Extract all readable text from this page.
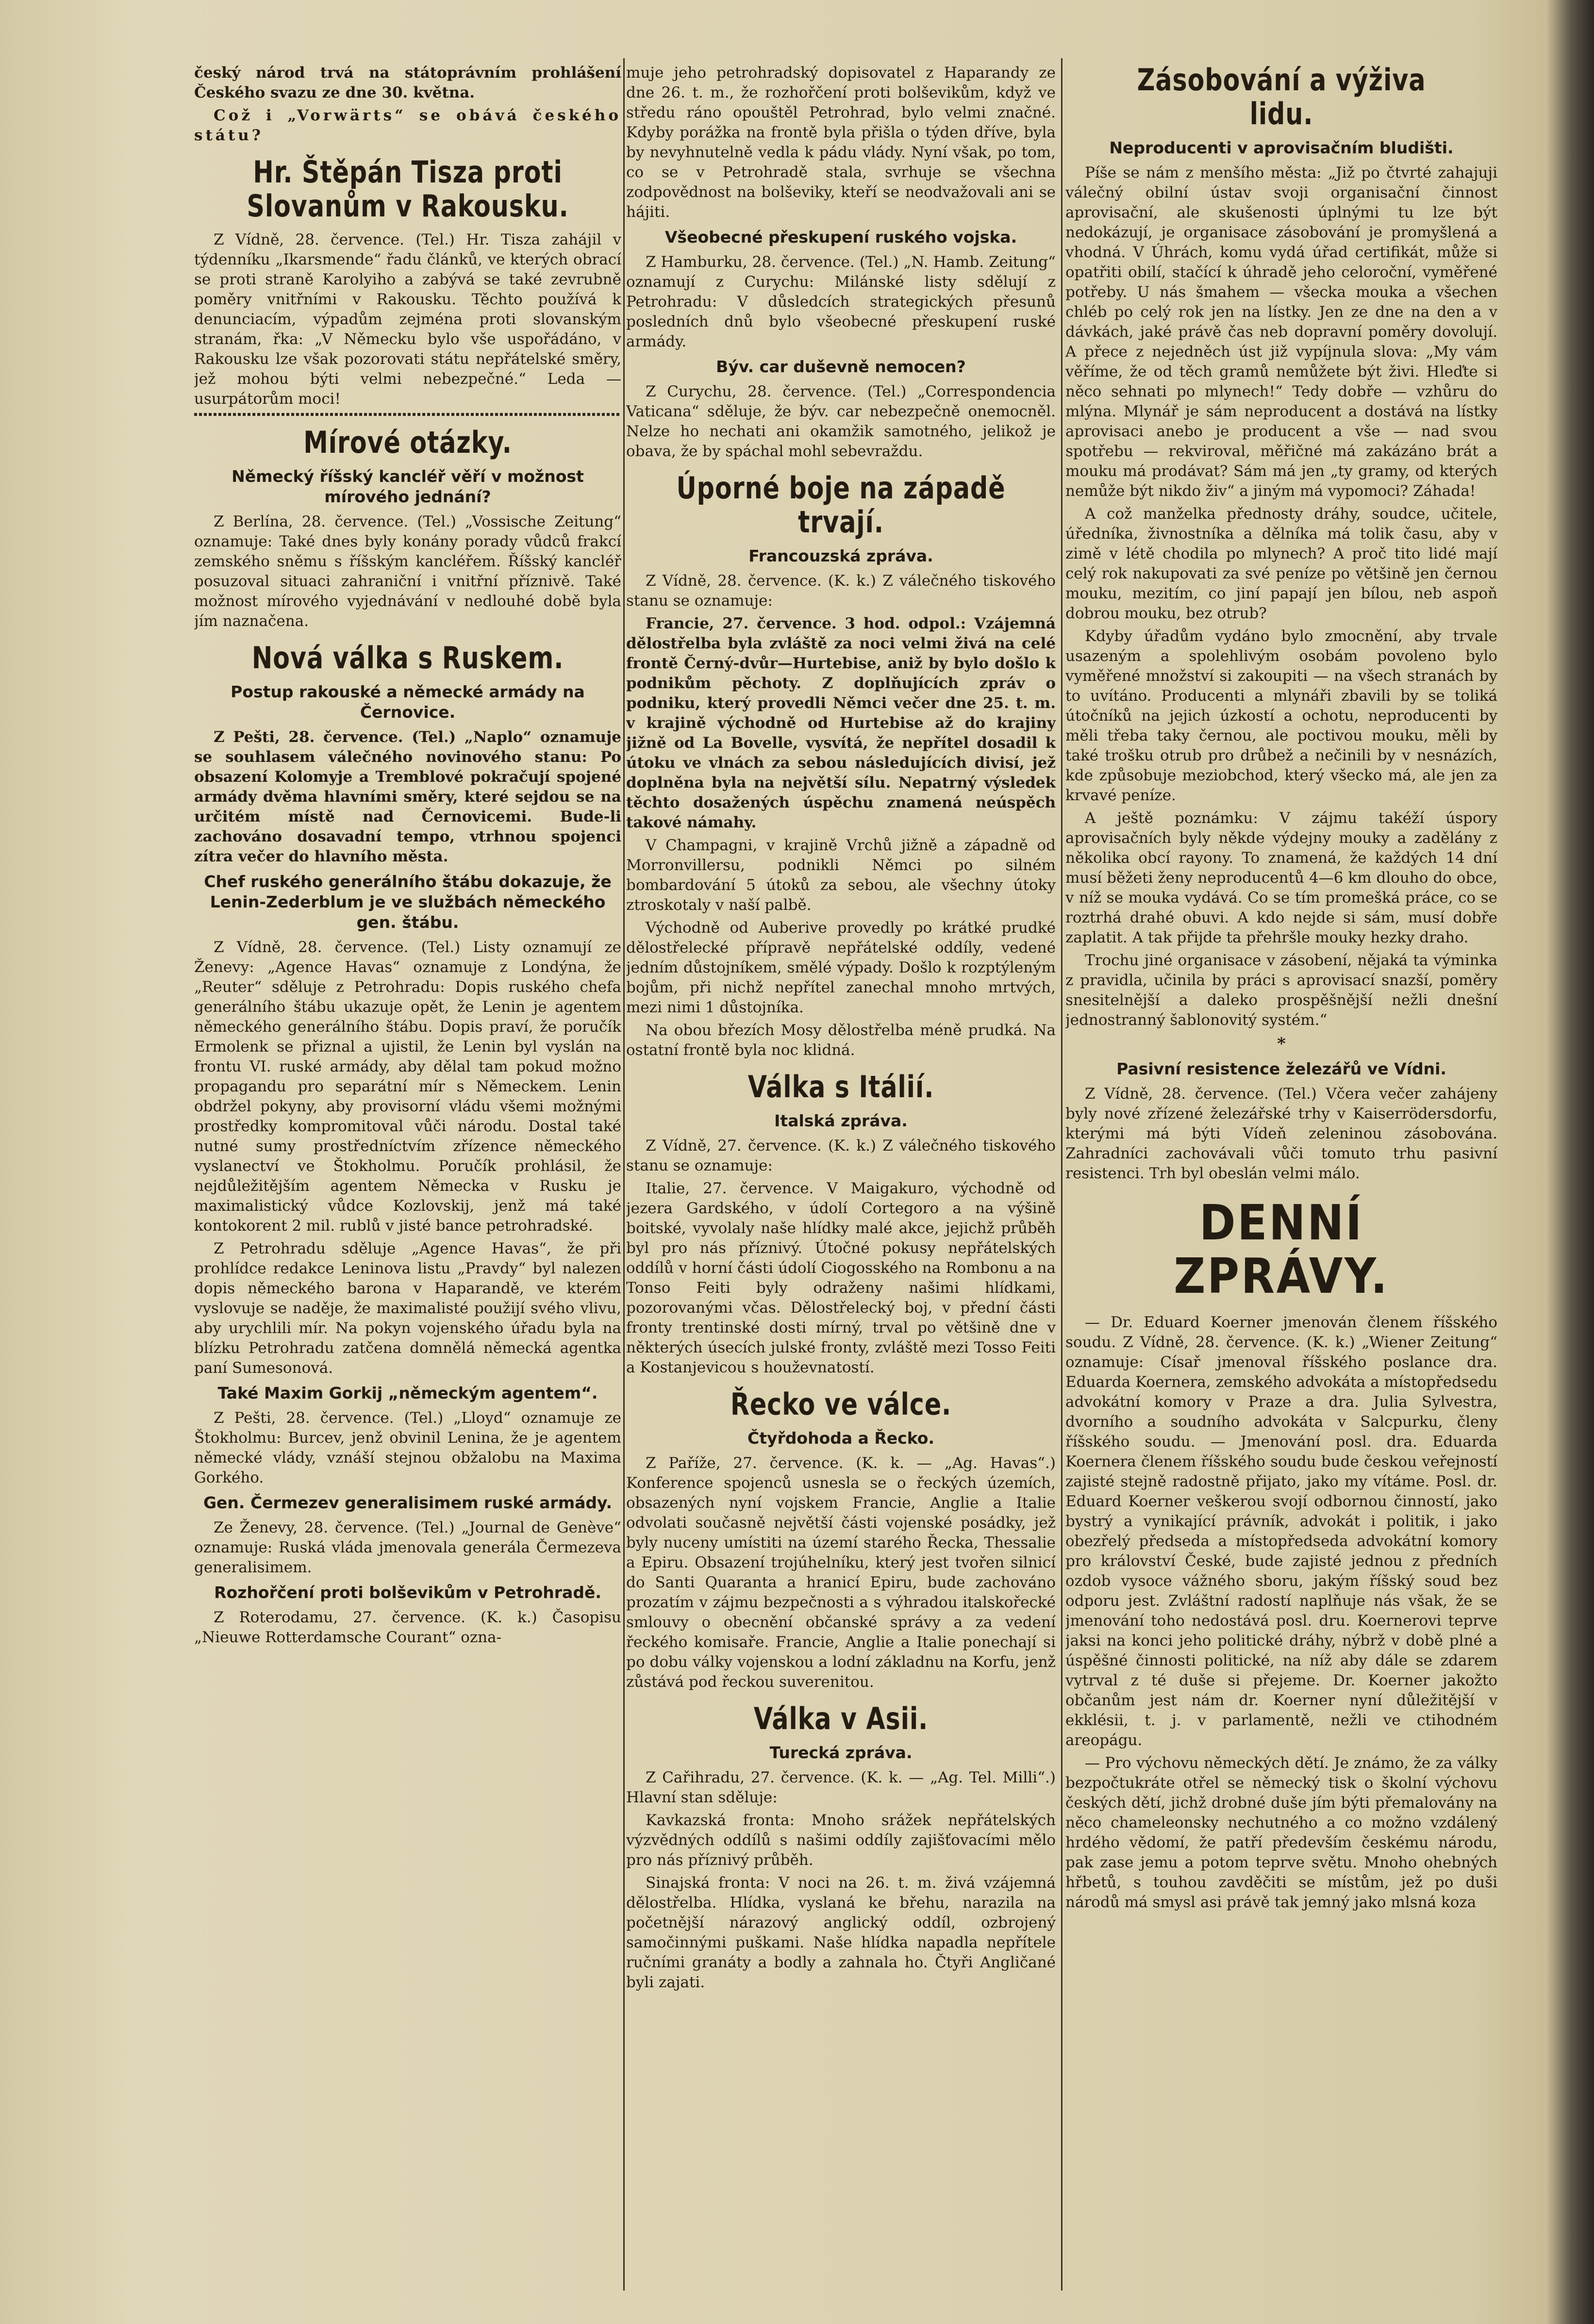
český národ trvá na státoprávním prohlášení Českého svazu ze dne 30. května.

Což i „Vorwärts“ se obává českého státu?

Hr. Štěpán Tisza proti Slovanům v Rakousku.

Z Vídně, 28. července. (Tel.) Hr. Tisza zahájil v týdenníku „Ikarsmende“ řadu článků, ve kterých obrací se proti straně Karolyiho a zabývá se také zevrubně poměry vnitřními v Rakousku. Těchto používá k denunciacím, výpadům zejména proti slovanským stranám, řka: „V Německu bylo vše uspořádáno, v Rakousku lze však pozorovati státu nepřátelské směry, jež mohou býti velmi nebezpečné.“ Leda — usurpátorům moci!

Mírové otázky.
Německý říšský kancléř věří v možnost mírového jednání?

Z Berlína, 28. července. (Tel.) „Vossische Zeitung“ oznamuje: Také dnes byly konány porady vůdců frakcí zemského sněmu s říšským kancléřem. Říšský kancléř posuzoval situaci zahraniční i vnitřní příznivě. Také možnost mírového vyjednávání v nedlouhé době byla jím naznačena.

Nová válka s Ruskem.
Postup rakouské a německé armády na Černovice.

Z Pešti, 28. července. (Tel.) „Naplo“ oznamuje se souhlasem válečného novinového stanu: Po obsazení Kolomyje a Tremblové pokračují spojené armády dvěma hlavními směry, které sejdou se na určitém místě nad Černovicemi. Bude-li zachováno dosavadní tempo, vtrhnou spojenci zítra večer do hlavního města.

Chef ruského generálního štábu dokazuje, že Lenin-Zederblum je ve službách německého gen. štábu.

Z Vídně, 28. července. (Tel.) Listy oznamují ze Ženevy: „Agence Havas“ oznamuje z Londýna, že „Reuter“ sděluje z Petrohradu: Dopis ruského chefa generálního štábu ukazuje opět, že Lenin je agentem německého generálního štábu. Dopis praví, že poručík Ermolenk se přiznal a ujistil, že Lenin byl vyslán na frontu VI. ruské armády, aby dělal tam pokud možno propagandu pro separátní mír s Německem. Lenin obdržel pokyny, aby provisorní vládu všemi možnými prostředky kompromitoval vůči národu. Dostal také nutné sumy prostředníctvím zřízence německého vyslanectví ve Štokholmu. Poručík prohlásil, že nejdůležitějším agentem Německa v Rusku je maximalistický vůdce Kozlovskij, jenž má také kontokorent 2 mil. rublů v jisté bance petrohradské.

Z Petrohradu sděluje „Agence Havas“, že při prohlídce redakce Leninova listu „Pravdy“ byl nalezen dopis německého barona v Haparandě, ve kterém vyslovuje se naděje, že maximalisté použijí svého vlivu, aby urychlili mír. Na pokyn vojenského úřadu byla na blízku Petrohradu zatčena domnělá německá agentka paní Sumesonová.

Také Maxim Gorkij „německým agentem“.

Z Pešti, 28. července. (Tel.) „Lloyd“ oznamuje ze Štokholmu: Burcev, jenž obvinil Lenina, že je agentem německé vlády, vznáší stejnou obžalobu na Maxima Gorkého.

Gen. Čermezev generalisimem ruské armády.

Ze Ženevy, 28. července. (Tel.) „Journal de Genève“ oznamuje: Ruská vláda jmenovala generála Čermezeva generalisimem.

Rozhořčení proti bolševikům v Petrohradě.

Z Roterodamu, 27. července. (K. k.) Časopisu „Nieuwe Rotterdamsche Courant“ ozna-

muje jeho petrohradský dopisovatel z Haparandy ze dne 26. t. m., že rozhořčení proti bolševikům, když ve středu ráno opouštěl Petrohrad, bylo velmi značné. Kdyby porážka na frontě byla přišla o týden dříve, byla by nevyhnutelně vedla k pádu vlády. Nyní však, po tom, co se v Petrohradě stala, svrhuje se všechna zodpovědnost na bolševiky, kteří se neodvažovali ani se hájiti.

Všeobecné přeskupení ruského vojska.

Z Hamburku, 28. července. (Tel.) „N. Hamb. Zeitung“ oznamují z Curychu: Milánské listy sdělují z Petrohradu: V důsledcích strategických přesunů posledních dnů bylo všeobecné přeskupení ruské armády.

Býv. car duševně nemocen?

Z Curychu, 28. července. (Tel.) „Correspondencia Vaticana“ sděluje, že býv. car nebezpečně onemocněl. Nelze ho nechati ani okamžik samotného, jelikož je obava, že by spáchal mohl sebevraždu.

Úporné boje na západě trvají.
Francouzská zpráva.

Z Vídně, 28. července. (K. k.) Z válečného tiskového stanu se oznamuje:

Francie, 27. července. 3 hod. odpol.: Vzájemná dělostřelba byla zvláště za noci velmi živá na celé frontě Černý-dvůr—Hurtebise, aniž by bylo došlo k podnikům pěchoty. Z doplňujících zpráv o podniku, který provedli Němci večer dne 25. t. m. v krajině východně od Hurtebise až do krajiny jižně od La Bovelle, vysvítá, že nepřítel dosadil k útoku ve vlnách za sebou následujících divisí, jež doplněna byla na největší sílu. Nepatrný výsledek těchto dosažených úspěchu znamená neúspěch takové námahy.

V Champagni, v krajině Vrchů jižně a západně od Morronvillersu, podnikli Němci po silném bombardování 5 útoků za sebou, ale všechny útoky ztroskotaly v naší palbě.

Východně od Auberive provedly po krátké prudké dělostřelecké přípravě nepřátelské oddíly, vedené jedním důstojníkem, smělé výpady. Došlo k rozptýleným bojům, při nichž nepřítel zanechal mnoho mrtvých, mezi nimi 1 důstojníka.

Na obou březích Mosy dělostřelba méně prudká. Na ostatní frontě byla noc klidná.

Válka s Itálií.
Italská zpráva.

Z Vídně, 27. července. (K. k.) Z válečného tiskového stanu se oznamuje:

Italie, 27. července. V Maigakuro, východně od jezera Gardského, v údolí Cortegoro a na výšině boitské, vyvolaly naše hlídky malé akce, jejichž průběh byl pro nás příznivý. Útočné pokusy nepřátelských oddílů v horní části údolí Ciogosského na Rombonu a na Tonso Feiti byly odraženy našimi hlídkami, pozorovanými včas. Dělostřelecký boj, v přední části fronty trentinské dosti mírný, trval po většině dne v některých úsecích julské fronty, zvláště mezi Tosso Feiti a Kostanjevicou s houževnatostí.

Řecko ve válce.
Čtyřdohoda a Řecko.

Z Paříže, 27. července. (K. k. — „Ag. Havas“.) Konference spojenců usnesla se o řeckých územích, obsazených nyní vojskem Francie, Anglie a Italie odvolati současně největší části vojenské posádky, jež byly nuceny umístiti na území starého Řecka, Thessalie a Epiru. Obsazení trojúhelníku, který jest tvořen silnicí do Santi Quaranta a hranicí Epiru, bude zachováno prozatím v zájmu bezpečnosti a s výhradou italskořecké smlouvy o obecnění občanské správy a za vedení řeckého komisaře. Francie, Anglie a Italie ponechají si po dobu války vojenskou a lodní základnu na Korfu, jenž zůstává pod řeckou suverenitou.

Válka v Asii.
Turecká zpráva.

Z Cařihradu, 27. července. (K. k. — „Ag. Tel. Milli“.) Hlavní stan sděluje:

Kavkazská fronta: Mnoho srážek nepřátelských výzvědných oddílů s našimi oddíly zajišťovacími mělo pro nás příznivý průběh.

Sinajská fronta: V noci na 26. t. m. živá vzájemná dělostřelba. Hlídka, vyslaná ke břehu, narazila na početnější nárazový anglický oddíl, ozbrojený samočinnými puškami. Naše hlídka napadla nepřítele ručními granáty a bodly a zahnala ho. Čtyři Angličané byli zajati.

Zásobování a výživa lidu.
Neproducenti v aprovisačním bludišti.

Píše se nám z menšího města: „Již po čtvrté zahajuji válečný obilní ústav svoji organisační činnost aprovisační, ale skušenosti úplnými tu lze být nedokázují, je organisace zásobování je promyšlená a vhodná. V Úhrách, komu vydá úřad certifikát, může si opatřiti obilí, stačící k úhradě jeho celoroční, vyměřené potřeby. U nás šmahem — všecka mouka a všechen chléb po celý rok jen na lístky. Jen ze dne na den a v dávkách, jaké právě čas neb dopravní poměry dovolují. A přece z nejedněch úst již vypíjnula slova: „My vám věříme, že od těch gramů nemůžete být živi. Hleďte si něco sehnati po mlynech!“ Tedy dobře — vzhůru do mlýna. Mlynář je sám neproducent a dostává na lístky aprovisaci anebo je producent a vše — nad svou spotřebu — rekviroval, měřičné má zakázáno brát a mouku má prodávat? Sám má jen „ty gramy, od kterých nemůže být nikdo živ“ a jiným má vypomoci? Záhada!

A což manželka přednosty dráhy, soudce, učitele, úředníka, živnostníka a dělníka má tolik času, aby v zimě v létě chodila po mlynech? A proč tito lidé mají celý rok nakupovati za své peníze po většině jen černou mouku, mezitím, co jiní papají jen bílou, neb aspoň dobrou mouku, bez otrub?

Kdyby úřadům vydáno bylo zmocnění, aby trvale usazeným a spolehlivým osobám povoleno bylo vyměřené množství si zakoupiti — na všech stranách by to uvítáno. Producenti a mlynáři zbavili by se toliká útočníků na jejich úzkostí a ochotu, neproducenti by měli třeba taky černou, ale poctivou mouku, měli by také trošku otrub pro drůbež a nečinili by v nesnázích, kde způsobuje meziobchod, který všecko má, ale jen za krvavé peníze.

A ještě poznámku: V zájmu takéží úspory aprovisačních byly někde výdejny mouky a zadělány z několika obcí rayony. To znamená, že každých 14 dní musí běžeti ženy neproducentů 4—6 km dlouho do obce, v níž se mouka vydává. Co se tím promešká práce, co se roztrhá drahé obuvi. A kdo nejde si sám, musí dobře zaplatit. A tak přijde ta přehršle mouky hezky draho.

Trochu jiné organisace v zásobení, nějaká ta výminka z pravidla, učinila by práci s aprovisací snazší, poměry snesitelnější a daleko prospěšnější nežli dnešní jednostranný šablonovitý systém.“

*
Pasivní resistence železářů ve Vídni.

Z Vídně, 28. července. (Tel.) Včera večer zahájeny byly nové zřízené železářské trhy v Kaiserrödersdorfu, kterými má býti Vídeň zeleninou zásobována. Zahradníci zachovávali vůči tomuto trhu pasivní resistenci. Trh byl obeslán velmi málo.

DENNÍ ZPRÁVY.

— Dr. Eduard Koerner jmenován členem říšského soudu. Z Vídně, 28. července. (K. k.) „Wiener Zeitung“ oznamuje: Císař jmenoval říšského poslance dra. Eduarda Koernera, zemského advokáta a místopředsedu advokátní komory v Praze a dra. Julia Sylvestra, dvorního a soudního advokáta v Salcpurku, členy říšského soudu. — Jmenování posl. dra. Eduarda Koernera členem říšského soudu bude českou veřejností zajisté stejně radostně přijato, jako my vítáme. Posl. dr. Eduard Koerner veškerou svojí odbornou činností, jako bystrý a vynikající právník, advokát i politik, i jako obezřelý předseda a místopředseda advokátní komory pro království České, bude zajisté jednou z předních ozdob vysoce vážného sboru, jakým říšský soud bez odporu jest. Zvláštní radostí naplňuje nás však, že se jmenování toho nedostává posl. dru. Koernerovi teprve jaksi na konci jeho politické dráhy, nýbrž v době plné a úspěšné činnosti politické, na níž aby dále se zdarem vytrval z té duše si přejeme. Dr. Koerner jakožto občanům jest nám dr. Koerner nyní důležitější v ekklésii, t. j. v parlamentě, nežli ve ctihodném areopágu.

— Pro výchovu německých dětí. Je známo, že za války bezpočtukráte otřel se německý tisk o školní výchovu českých dětí, jichž drobné duše jím býti přemalovány na něco chameleonsky nechutného a co možno vzdálený hrdého vědomí, že patří především českému národu, pak zase jemu a potom teprve světu. Mnoho ohebných hřbetů, s touhou zavděčiti se místům, jež po duši národů má smysl asi právě tak jemný jako mlsná koza
